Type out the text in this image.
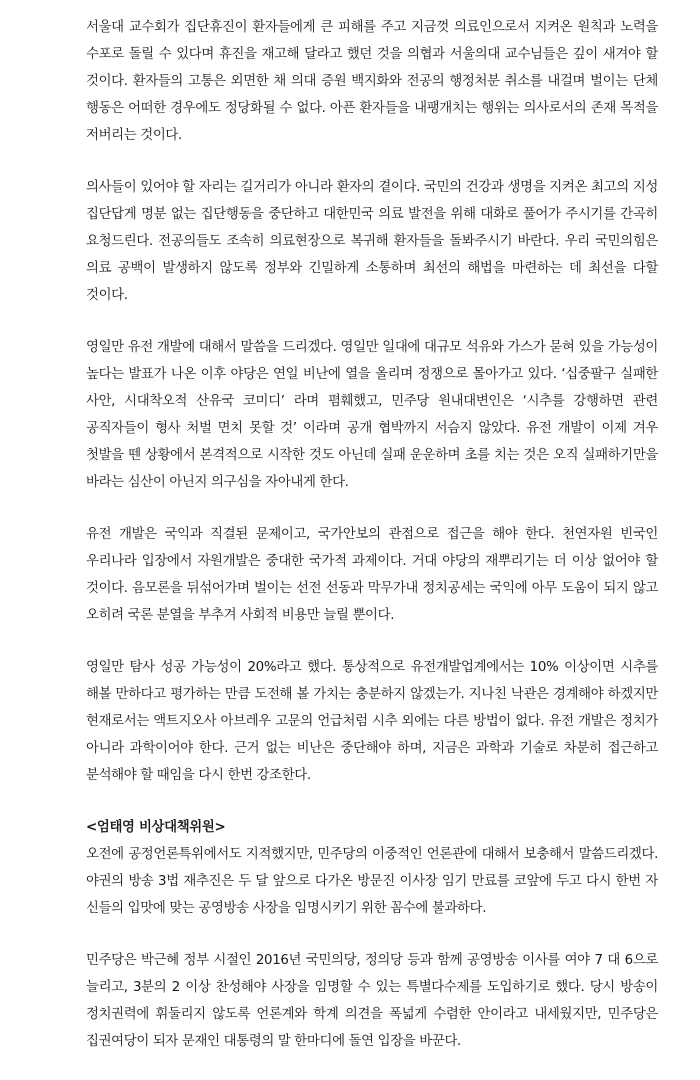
서울대 교수회가 집단휴진이 환자들에게 큰 피해를 주고 지금껏 의료인으로서 지켜온 원칙과 노력을 수포로 돌릴 수 있다며 휴진을 재고해 달라고 했던 것을 의협과 서울의대 교수님들은 깊이 새겨야 할 것이다. 환자들의 고통은 외면한 채 의대 증원 백지화와 전공의 행정처분 취소를 내걸며 벌이는 단체 행동은 어떠한 경우에도 정당화될 수 없다. 아픈 환자들을 내팽개치는 행위는 의사로서의 존재 목적을 저버리는 것이다.

의사들이 있어야 할 자리는 길거리가 아니라 환자의 곁이다. 국민의 건강과 생명을 지켜온 최고의 지성 집단답게 명분 없는 집단행동을 중단하고 대한민국 의료 발전을 위해 대화로 풀어가 주시기를 간곡히 요청드린다. 전공의들도 조속히 의료현장으로 복귀해 환자들을 돌봐주시기 바란다. 우리 국민의힘은 의료 공백이 발생하지 않도록 정부와 긴밀하게 소통하며 최선의 해법을 마련하는 데 최선을 다할 것이다.

영일만 유전 개발에 대해서 말씀을 드리겠다. 영일만 일대에 대규모 석유와 가스가 묻혀 있을 가능성이 높다는 발표가 나온 이후 야당은 연일 비난에 열을 올리며 정쟁으로 몰아가고 있다. ‘십중팔구 실패한 사안, 시대착오적 산유국 코미디’ 라며 폄훼했고, 민주당 원내대변인은 ‘시추를 강행하면 관련 공직자들이 형사 처벌 면치 못할 것’ 이라며 공개 협박까지 서슴지 않았다. 유전 개발이 이제 겨우 첫발을 뗀 상황에서 본격적으로 시작한 것도 아닌데 실패 운운하며 초를 치는 것은 오직 실패하기만을 바라는 심산이 아닌지 의구심을 자아내게 한다.

유전 개발은 국익과 직결된 문제이고, 국가안보의 관점으로 접근을 해야 한다. 천연자원 빈국인 우리나라 입장에서 자원개발은 중대한 국가적 과제이다. 거대 야당의 재뿌리기는 더 이상 없어야 할 것이다. 음모론을 뒤섞어가며 벌이는 선전 선동과 막무가내 정치공세는 국익에 아무 도움이 되지 않고 오히려 국론 분열을 부추겨 사회적 비용만 늘릴 뿐이다.

영일만 탐사 성공 가능성이 20%라고 했다. 통상적으로 유전개발업계에서는 10% 이상이면 시추를 해볼 만하다고 평가하는 만큼 도전해 볼 가치는 충분하지 않겠는가. 지나친 낙관은 경계해야 하겠지만 현재로서는 액트지오사 아브레우 고문의 언급처럼 시추 외에는 다른 방법이 없다. 유전 개발은 정치가 아니라 과학이어야 한다. 근거 없는 비난은 중단해야 하며, 지금은 과학과 기술로 차분히 접근하고 분석해야 할 때임을 다시 한번 강조한다.

<엄태영 비상대책위원>

오전에 공정언론특위에서도 지적했지만, 민주당의 이중적인 언론관에 대해서 보충해서 말씀드리겠다. 야권의 방송 3법 재추진은 두 달 앞으로 다가온 방문진 이사장 임기 만료를 코앞에 두고 다시 한번 자신들의 입맛에 맞는 공영방송 사장을 임명시키기 위한 꼼수에 불과하다.

민주당은 박근혜 정부 시절인 2016년 국민의당, 정의당 등과 함께 공영방송 이사를 여야 7 대 6으로 늘리고, 3분의 2 이상 찬성해야 사장을 임명할 수 있는 특별다수제를 도입하기로 했다. 당시 방송이 정치권력에 휘둘리지 않도록 언론계와 학계 의견을 폭넓게 수렴한 안이라고 내세웠지만, 민주당은 집권여당이 되자 문재인 대통령의 말 한마디에 돌연 입장을 바꾼다.
